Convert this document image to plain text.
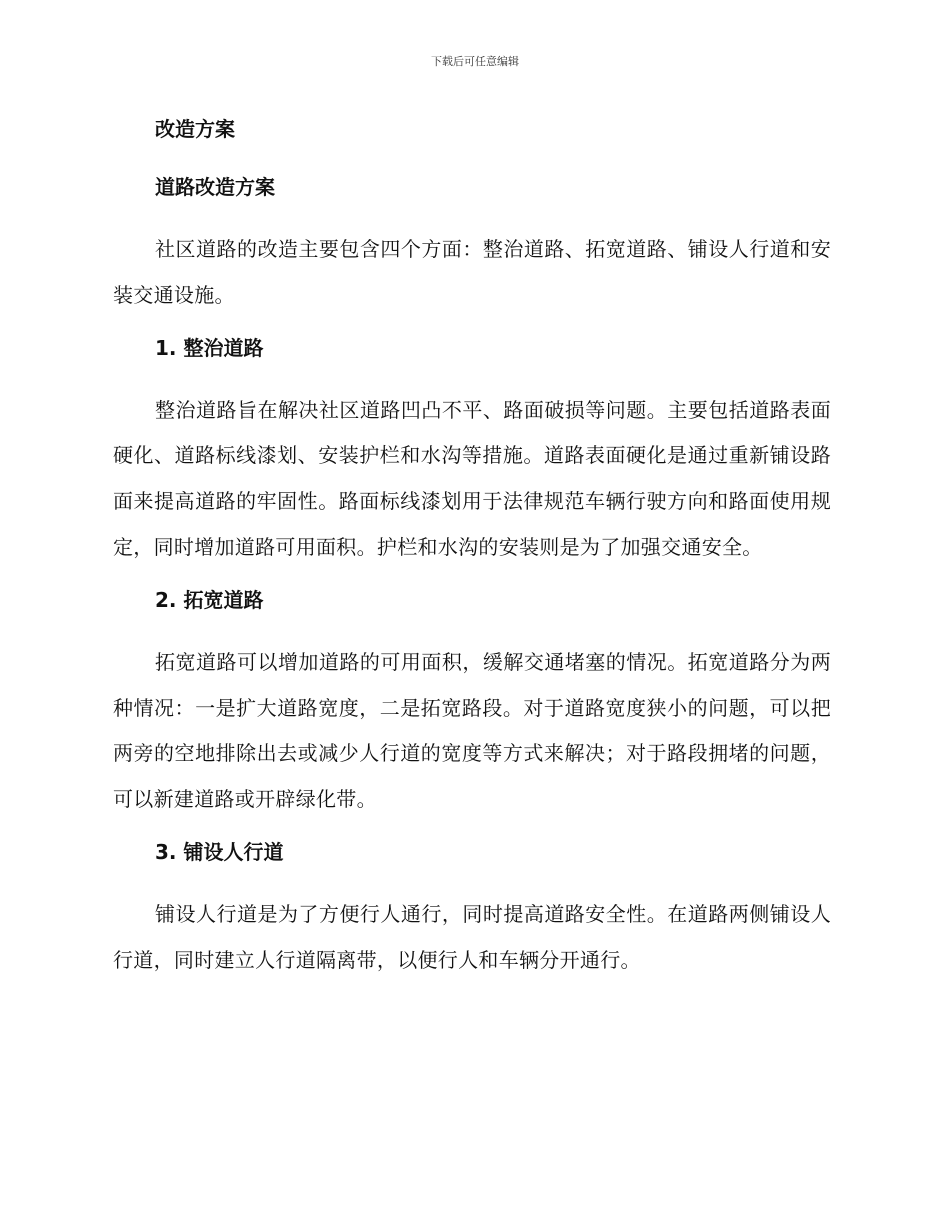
下载后可任意编辑
改造方案
道路改造方案

社区道路的改造主要包含四个方面：整治道路、拓宽道路、铺设人行道和安装交通设施。

1. 整治道路

整治道路旨在解决社区道路凹凸不平、路面破损等问题。主要包括道路表面硬化、道路标线漆划、安装护栏和水沟等措施。道路表面硬化是通过重新铺设路面来提高道路的牢固性。路面标线漆划用于法律规范车辆行驶方向和路面使用规定，同时增加道路可用面积。护栏和水沟的安装则是为了加强交通安全。

2. 拓宽道路

拓宽道路可以增加道路的可用面积，缓解交通堵塞的情况。拓宽道路分为两种情况：一是扩大道路宽度，二是拓宽路段。对于道路宽度狭小的问题，可以把两旁的空地排除出去或减少人行道的宽度等方式来解决；对于路段拥堵的问题，可以新建道路或开辟绿化带。

3. 铺设人行道

铺设人行道是为了方便行人通行，同时提高道路安全性。在道路两侧铺设人行道，同时建立人行道隔离带，以便行人和车辆分开通行。
